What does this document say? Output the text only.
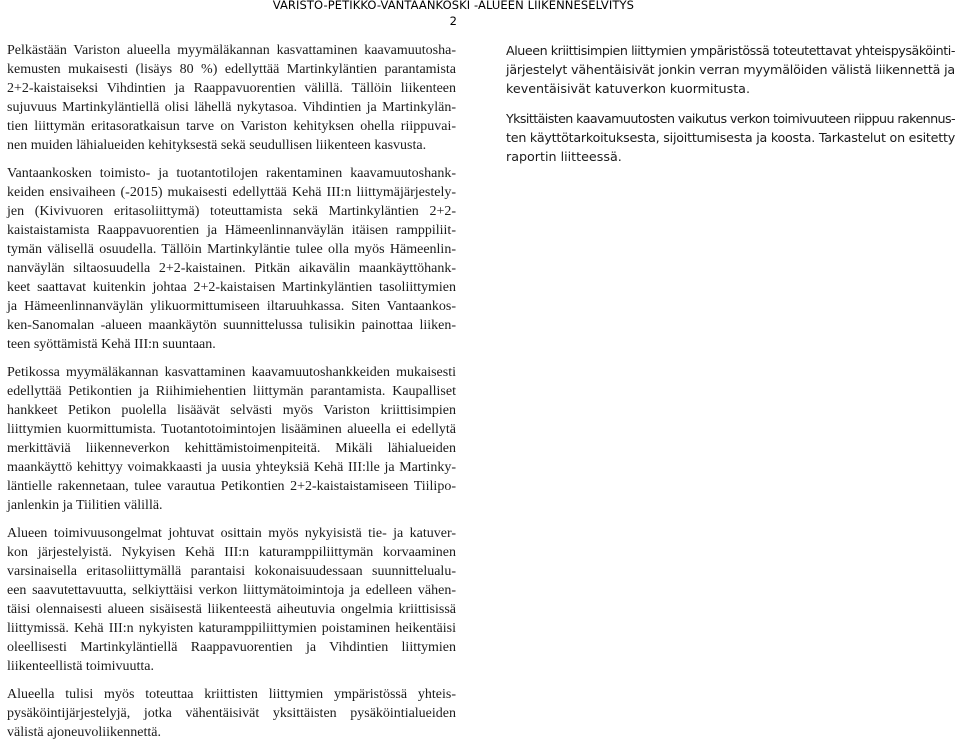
VARISTO-PETIKKO-VANTAANKOSKI -ALUEEN LIIKENNESELVITYS
2

Pelkästään Variston alueella myymäläkannan kasvattaminen kaavamuutosha-
kemusten mukaisesti (lisäys 80 %) edellyttää Martinkyläntien parantamista
2+2-kaistaiseksi Vihdintien ja Raappavuorentien välillä. Tällöin liikenteen
sujuvuus Martinkyläntiellä olisi lähellä nykytasoa. Vihdintien ja Martinkylän-
tien liittymän eritasoratkaisun tarve on Variston kehityksen ohella riippuvai-
nen muiden lähialueiden kehityksestä sekä seudullisen liikenteen kasvusta.

Vantaankosken toimisto- ja tuotantotilojen rakentaminen kaavamuutoshank-
keiden ensivaiheen (-2015) mukaisesti edellyttää Kehä III:n liittymäjärjestely-
jen (Kivivuoren eritasoliittymä) toteuttamista sekä Martinkyläntien 2+2-
kaistaistamista Raappavuorentien ja Hämeenlinnanväylän itäisen ramppiliit-
tymän välisellä osuudella. Tällöin Martinkyläntie tulee olla myös Hämeenlin-
nanväylän siltaosuudella 2+2-kaistainen. Pitkän aikavälin maankäyttöhank-
keet saattavat kuitenkin johtaa 2+2-kaistaisen Martinkyläntien tasoliittymien
ja Hämeenlinnanväylän ylikuormittumiseen iltaruuhkassa. Siten Vantaankos-
ken-Sanomalan -alueen maankäytön suunnittelussa tulisikin painottaa liiken-
teen syöttämistä Kehä III:n suuntaan.

Petikossa myymäläkannan kasvattaminen kaavamuutoshankkeiden mukaisesti
edellyttää Petikontien ja Riihimiehentien liittymän parantamista. Kaupalliset
hankkeet Petikon puolella lisäävät selvästi myös Variston kriittisimpien
liittymien kuormittumista. Tuotantotoimintojen lisääminen alueella ei edellytä
merkittäviä liikenneverkon kehittämistoimenpiteitä. Mikäli lähialueiden
maankäyttö kehittyy voimakkaasti ja uusia yhteyksiä Kehä III:lle ja Martinky-
läntielle rakennetaan, tulee varautua Petikontien 2+2-kaistaistamiseen Tiilipo-
janlenkin ja Tiilitien välillä.

Alueen toimivuusongelmat johtuvat osittain myös nykyisistä tie- ja katuver-
kon järjestelyistä. Nykyisen Kehä III:n katuramppiliittymän korvaaminen
varsinaisella eritasoliittymällä parantaisi kokonaisuudessaan suunnittelualu-
een saavutettavuutta, selkiyttäisi verkon liittymätoimintoja ja edelleen vähen-
täisi olennaisesti alueen sisäisestä liikenteestä aiheutuvia ongelmia kriittisissä
liittymissä. Kehä III:n nykyisten katuramppiliittymien poistaminen heikentäisi
oleellisesti Martinkyläntiellä Raappavuorentien ja Vihdintien liittymien
liikenteellistä toimivuutta.

Alueella tulisi myös toteuttaa kriittisten liittymien ympäristössä yhteis-
pysäköintijärjestelyjä, jotka vähentäisivät yksittäisten pysäköintialueiden
välistä ajoneuvoliikennettä.

Alueen kriittisimpien liittymien ympäristössä toteutettavat yhteispysäköinti-
järjestelyt vähentäisivät jonkin verran myymälöiden välistä liikennettä ja
keventäisivät katuverkon kuormitusta.

Yksittäisten kaavamuutosten vaikutus verkon toimivuuteen riippuu rakennus-
ten käyttötarkoituksesta, sijoittumisesta ja koosta. Tarkastelut on esitetty
raportin liitteessä.
